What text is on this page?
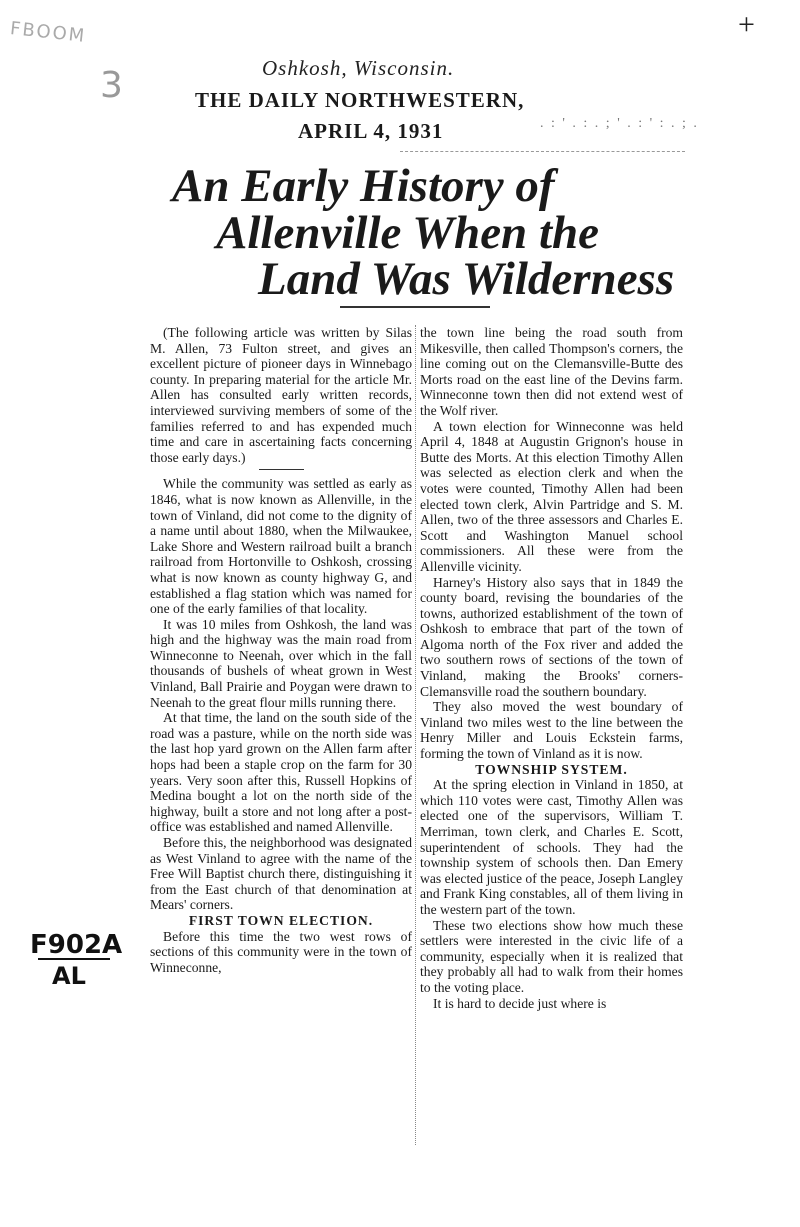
FBOOM
3
+
Oshkosh, Wisconsin.
THE DAILY NORTHWESTERN,
APRIL 4, 1931	. : ' . : . ; ' . : ' : . ; .
An Early History of
Allenville When the
Land Was Wilderness

(The following article was written by Silas M. Allen, 73 Fulton street, and gives an excellent picture of pioneer days in Winnebago county. In preparing material for the article Mr. Allen has consulted early written records, interviewed surviving members of some of the families referred to and has expended much time and care in ascertaining facts concerning those early days.)

While the community was settled as early as 1846, what is now known as Allenville, in the town of Vinland, did not come to the dignity of a name until about 1880, when the Milwaukee, Lake Shore and Western railroad built a branch railroad from Hortonville to Oshkosh, crossing what is now known as county highway G, and established a flag station which was named for one of the early families of that locality.

It was 10 miles from Oshkosh, the land was high and the highway was the main road from Winneconne to Neenah, over which in the fall thousands of bushels of wheat grown in West Vinland, Ball Prairie and Poygan were drawn to Neenah to the great flour mills running there.

At that time, the land on the south side of the road was a pasture, while on the north side was the last hop yard grown on the Allen farm after hops had been a staple crop on the farm for 30 years. Very soon after this, Russell Hopkins of Medina bought a lot on the north side of the highway, built a store and not long after a post-office was established and named Allenville.

Before this, the neighborhood was designated as West Vinland to agree with the name of the Free Will Baptist church there, distinguishing it from the East church of that denomination at Mears' corners.

FIRST TOWN ELECTION.

Before this time the two west rows of sections of this community were in the town of Winneconne,

the town line being the road south from Mikesville, then called Thompson's corners, the line coming out on the Clemansville-Butte des Morts road on the east line of the Devins farm. Winneconne town then did not extend west of the Wolf river.

A town election for Winneconne was held April 4, 1848 at Augustin Grignon's house in Butte des Morts. At this election Timothy Allen was selected as election clerk and when the votes were counted, Timothy Allen had been elected town clerk, Alvin Partridge and S. M. Allen, two of the three assessors and Charles E. Scott and Washington Manuel school commissioners. All these were from the Allenville vicinity.

Harney's History also says that in 1849 the county board, revising the boundaries of the towns, authorized establishment of the town of Oshkosh to embrace that part of the town of Algoma north of the Fox river and added the two southern rows of sections of the town of Vinland, making the Brooks' corners-Clemansville road the southern boundary.

They also moved the west boundary of Vinland two miles west to the line between the Henry Miller and Louis Eckstein farms, forming the town of Vinland as it is now.

TOWNSHIP SYSTEM.

At the spring election in Vinland in 1850, at which 110 votes were cast, Timothy Allen was elected one of the supervisors, William T. Merriman, town clerk, and Charles E. Scott, superintendent of schools. They had the township system of schools then. Dan Emery was elected justice of the peace, Joseph Langley and Frank King constables, all of them living in the western part of the town.

These two elections show how much these settlers were interested in the civic life of a community, especially when it is realized that they probably all had to walk from their homes to the voting place.

It is hard to decide just where is

F902A
AL
